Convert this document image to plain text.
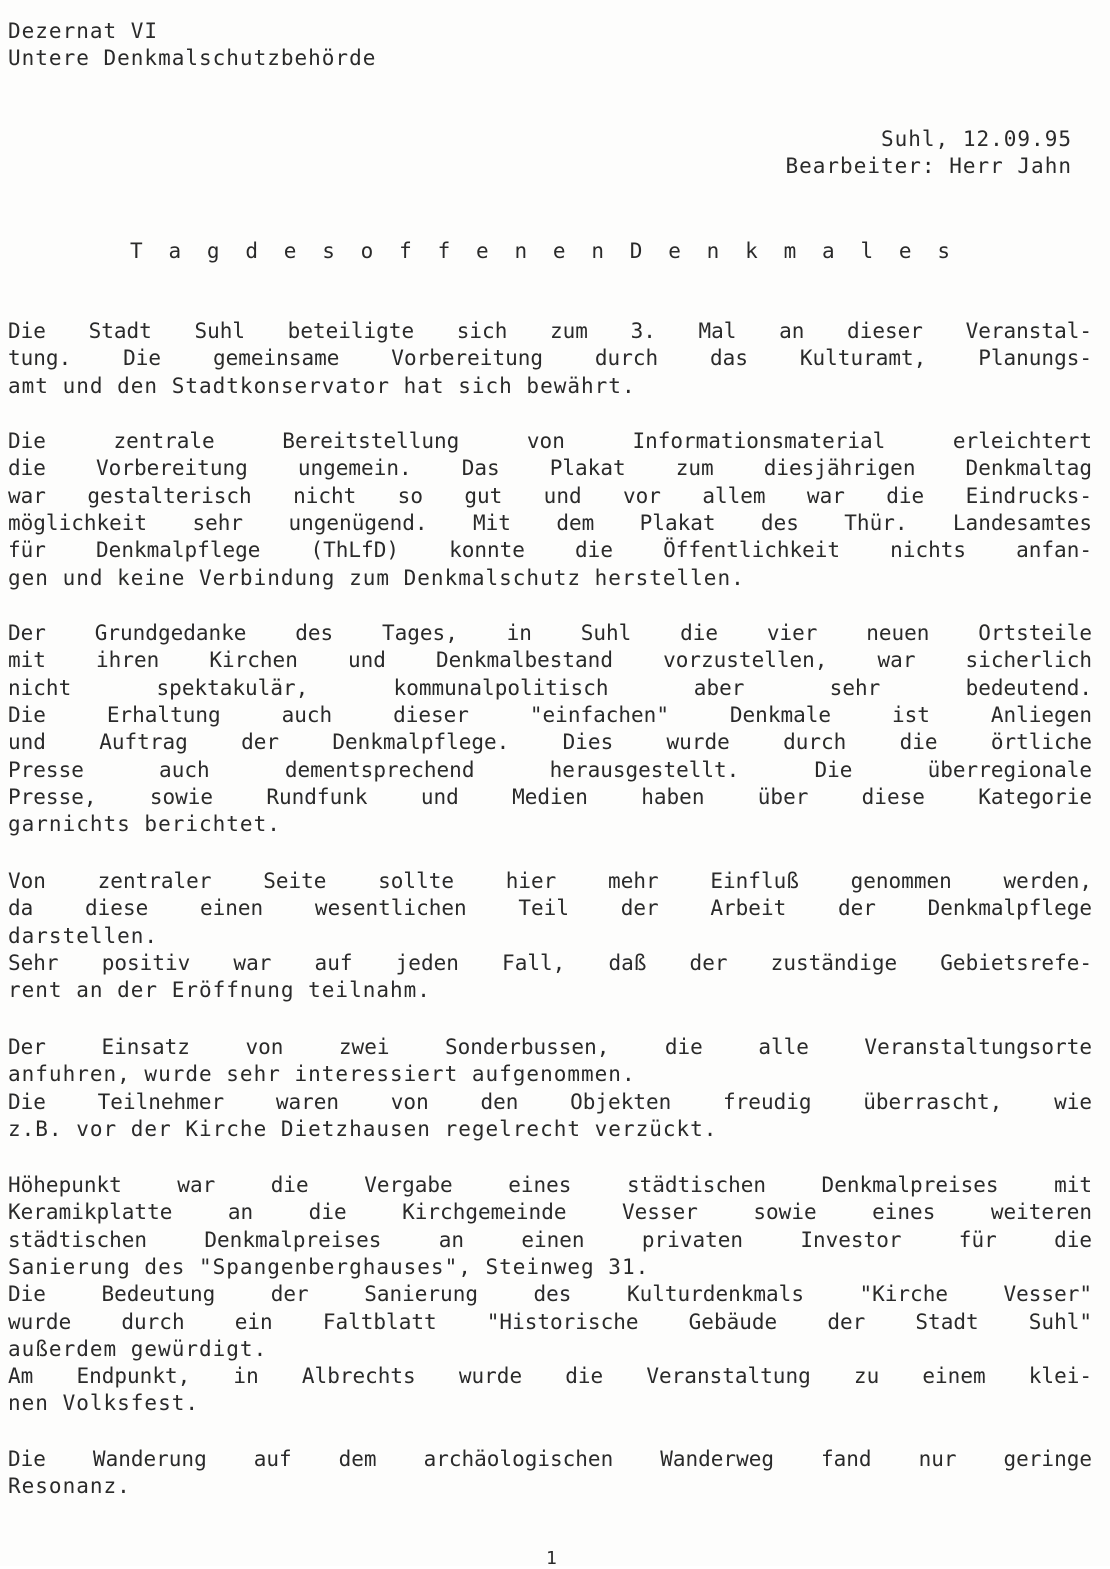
Dezernat VI
Untere Denkmalschutzbehörde
Suhl, 12.09.95
Bearbeiter: Herr Jahn
T a g d e s o f f e n e n D e n k m a l e s
Die Stadt Suhl beteiligte sich zum 3. Mal an dieser Veranstal-
tung. Die gemeinsame Vorbereitung durch das Kulturamt, Planungs-
amt und den Stadtkonservator hat sich bewährt.
Die zentrale Bereitstellung von Informationsmaterial erleichtert
die Vorbereitung ungemein. Das Plakat zum diesjährigen Denkmaltag
war gestalterisch nicht so gut und vor allem war die Eindrucks-
möglichkeit sehr ungenügend. Mit dem Plakat des Thür. Landesamtes
für Denkmalpflege (ThLfD) konnte die Öffentlichkeit nichts anfan-
gen und keine Verbindung zum Denkmalschutz herstellen.
Der Grundgedanke des Tages, in Suhl die vier neuen Ortsteile
mit ihren Kirchen und Denkmalbestand vorzustellen, war sicherlich
nicht spektakulär, kommunalpolitisch aber sehr bedeutend.
Die Erhaltung auch dieser "einfachen" Denkmale ist Anliegen
und Auftrag der Denkmalpflege. Dies wurde durch die örtliche
Presse auch dementsprechend herausgestellt. Die überregionale
Presse, sowie Rundfunk und Medien haben über diese Kategorie
garnichts berichtet.
Von zentraler Seite sollte hier mehr Einfluß genommen werden,
da diese einen wesentlichen Teil der Arbeit der Denkmalpflege
darstellen.
Sehr positiv war auf jeden Fall, daß der zuständige Gebietsrefe-
rent an der Eröffnung teilnahm.
Der Einsatz von zwei Sonderbussen, die alle Veranstaltungsorte
anfuhren, wurde sehr interessiert aufgenommen.
Die Teilnehmer waren von den Objekten freudig überrascht, wie
z.B. vor der Kirche Dietzhausen regelrecht verzückt.
Höhepunkt war die Vergabe eines städtischen Denkmalpreises mit
Keramikplatte an die Kirchgemeinde Vesser sowie eines weiteren
städtischen Denkmalpreises an einen privaten Investor für die
Sanierung des "Spangenberghauses", Steinweg 31.
Die Bedeutung der Sanierung des Kulturdenkmals "Kirche Vesser"
wurde durch ein Faltblatt "Historische Gebäude der Stadt Suhl"
außerdem gewürdigt.
Am Endpunkt, in Albrechts wurde die Veranstaltung zu einem klei-
nen Volksfest.
Die Wanderung auf dem archäologischen Wanderweg fand nur geringe
Resonanz.
1
